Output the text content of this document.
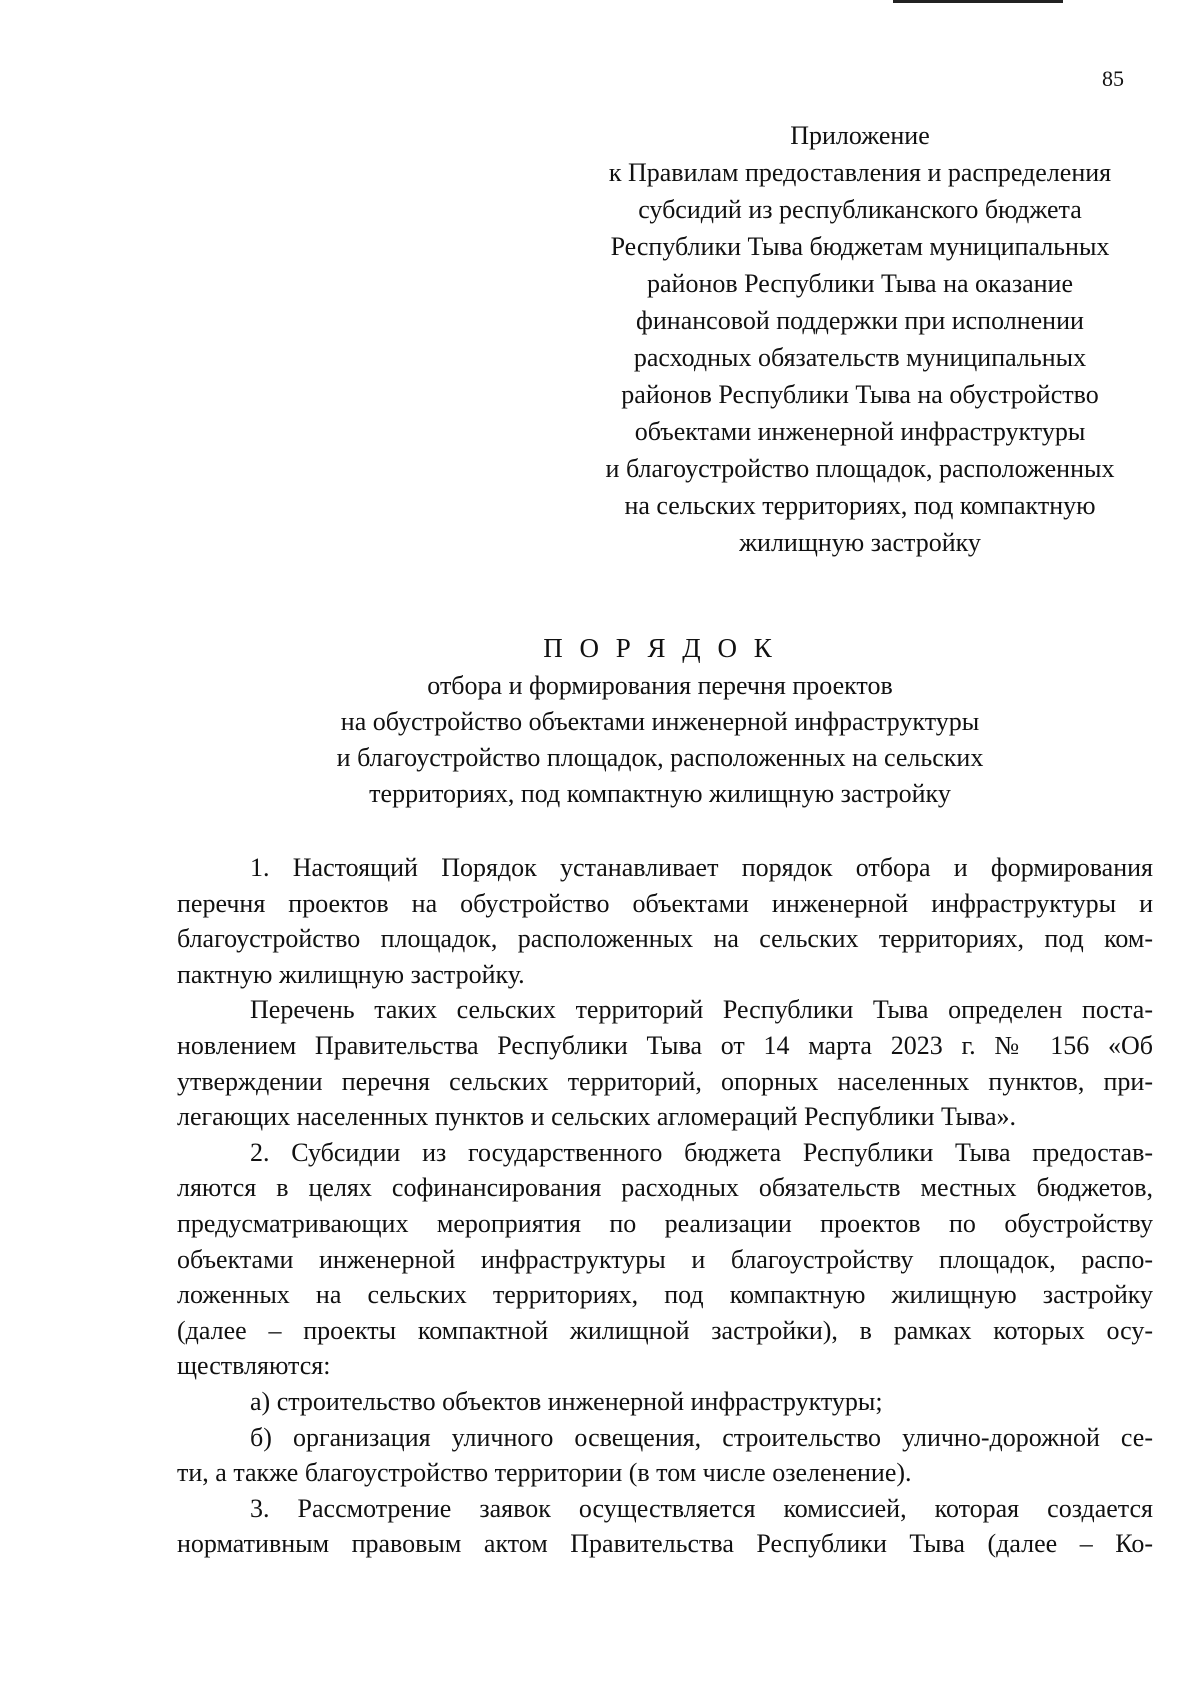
85
Приложение
к Правилам предоставления и распределения
субсидий из республиканского бюджета
Республики Тыва бюджетам муниципальных
районов Республики Тыва на оказание
финансовой поддержки при исполнении
расходных обязательств муниципальных
районов Республики Тыва на обустройство
объектами инженерной инфраструктуры
и благоустройство площадок, расположенных
на сельских территориях, под компактную
жилищную застройку
П О Р Я Д О К
отбора и формирования перечня проектов
на обустройство объектами инженерной инфраструктуры
и благоустройство площадок, расположенных на сельских
территориях, под компактную жилищную застройку
1. Настоящий Порядок устанавливает порядок отбора и формирования
перечня проектов на обустройство объектами инженерной инфраструктуры и
благоустройство площадок, расположенных на сельских территориях, под ком-
пактную жилищную застройку.
Перечень таких сельских территорий Республики Тыва определен поста-
новлением Правительства Республики Тыва от 14 марта 2023 г. № 156 «Об
утверждении перечня сельских территорий, опорных населенных пунктов, при-
легающих населенных пунктов и сельских агломераций Республики Тыва».
2. Субсидии из государственного бюджета Республики Тыва предостав-
ляются в целях софинансирования расходных обязательств местных бюджетов,
предусматривающих мероприятия по реализации проектов по обустройству
объектами инженерной инфраструктуры и благоустройству площадок, распо-
ложенных на сельских территориях, под компактную жилищную застройку
(далее – проекты компактной жилищной застройки), в рамках которых осу-
ществляются:
а) строительство объектов инженерной инфраструктуры;
б) организация уличного освещения, строительство улично-дорожной се-
ти, а также благоустройство территории (в том числе озеленение).
3. Рассмотрение заявок осуществляется комиссией, которая создается
нормативным правовым актом Правительства Республики Тыва (далее – Ко-
